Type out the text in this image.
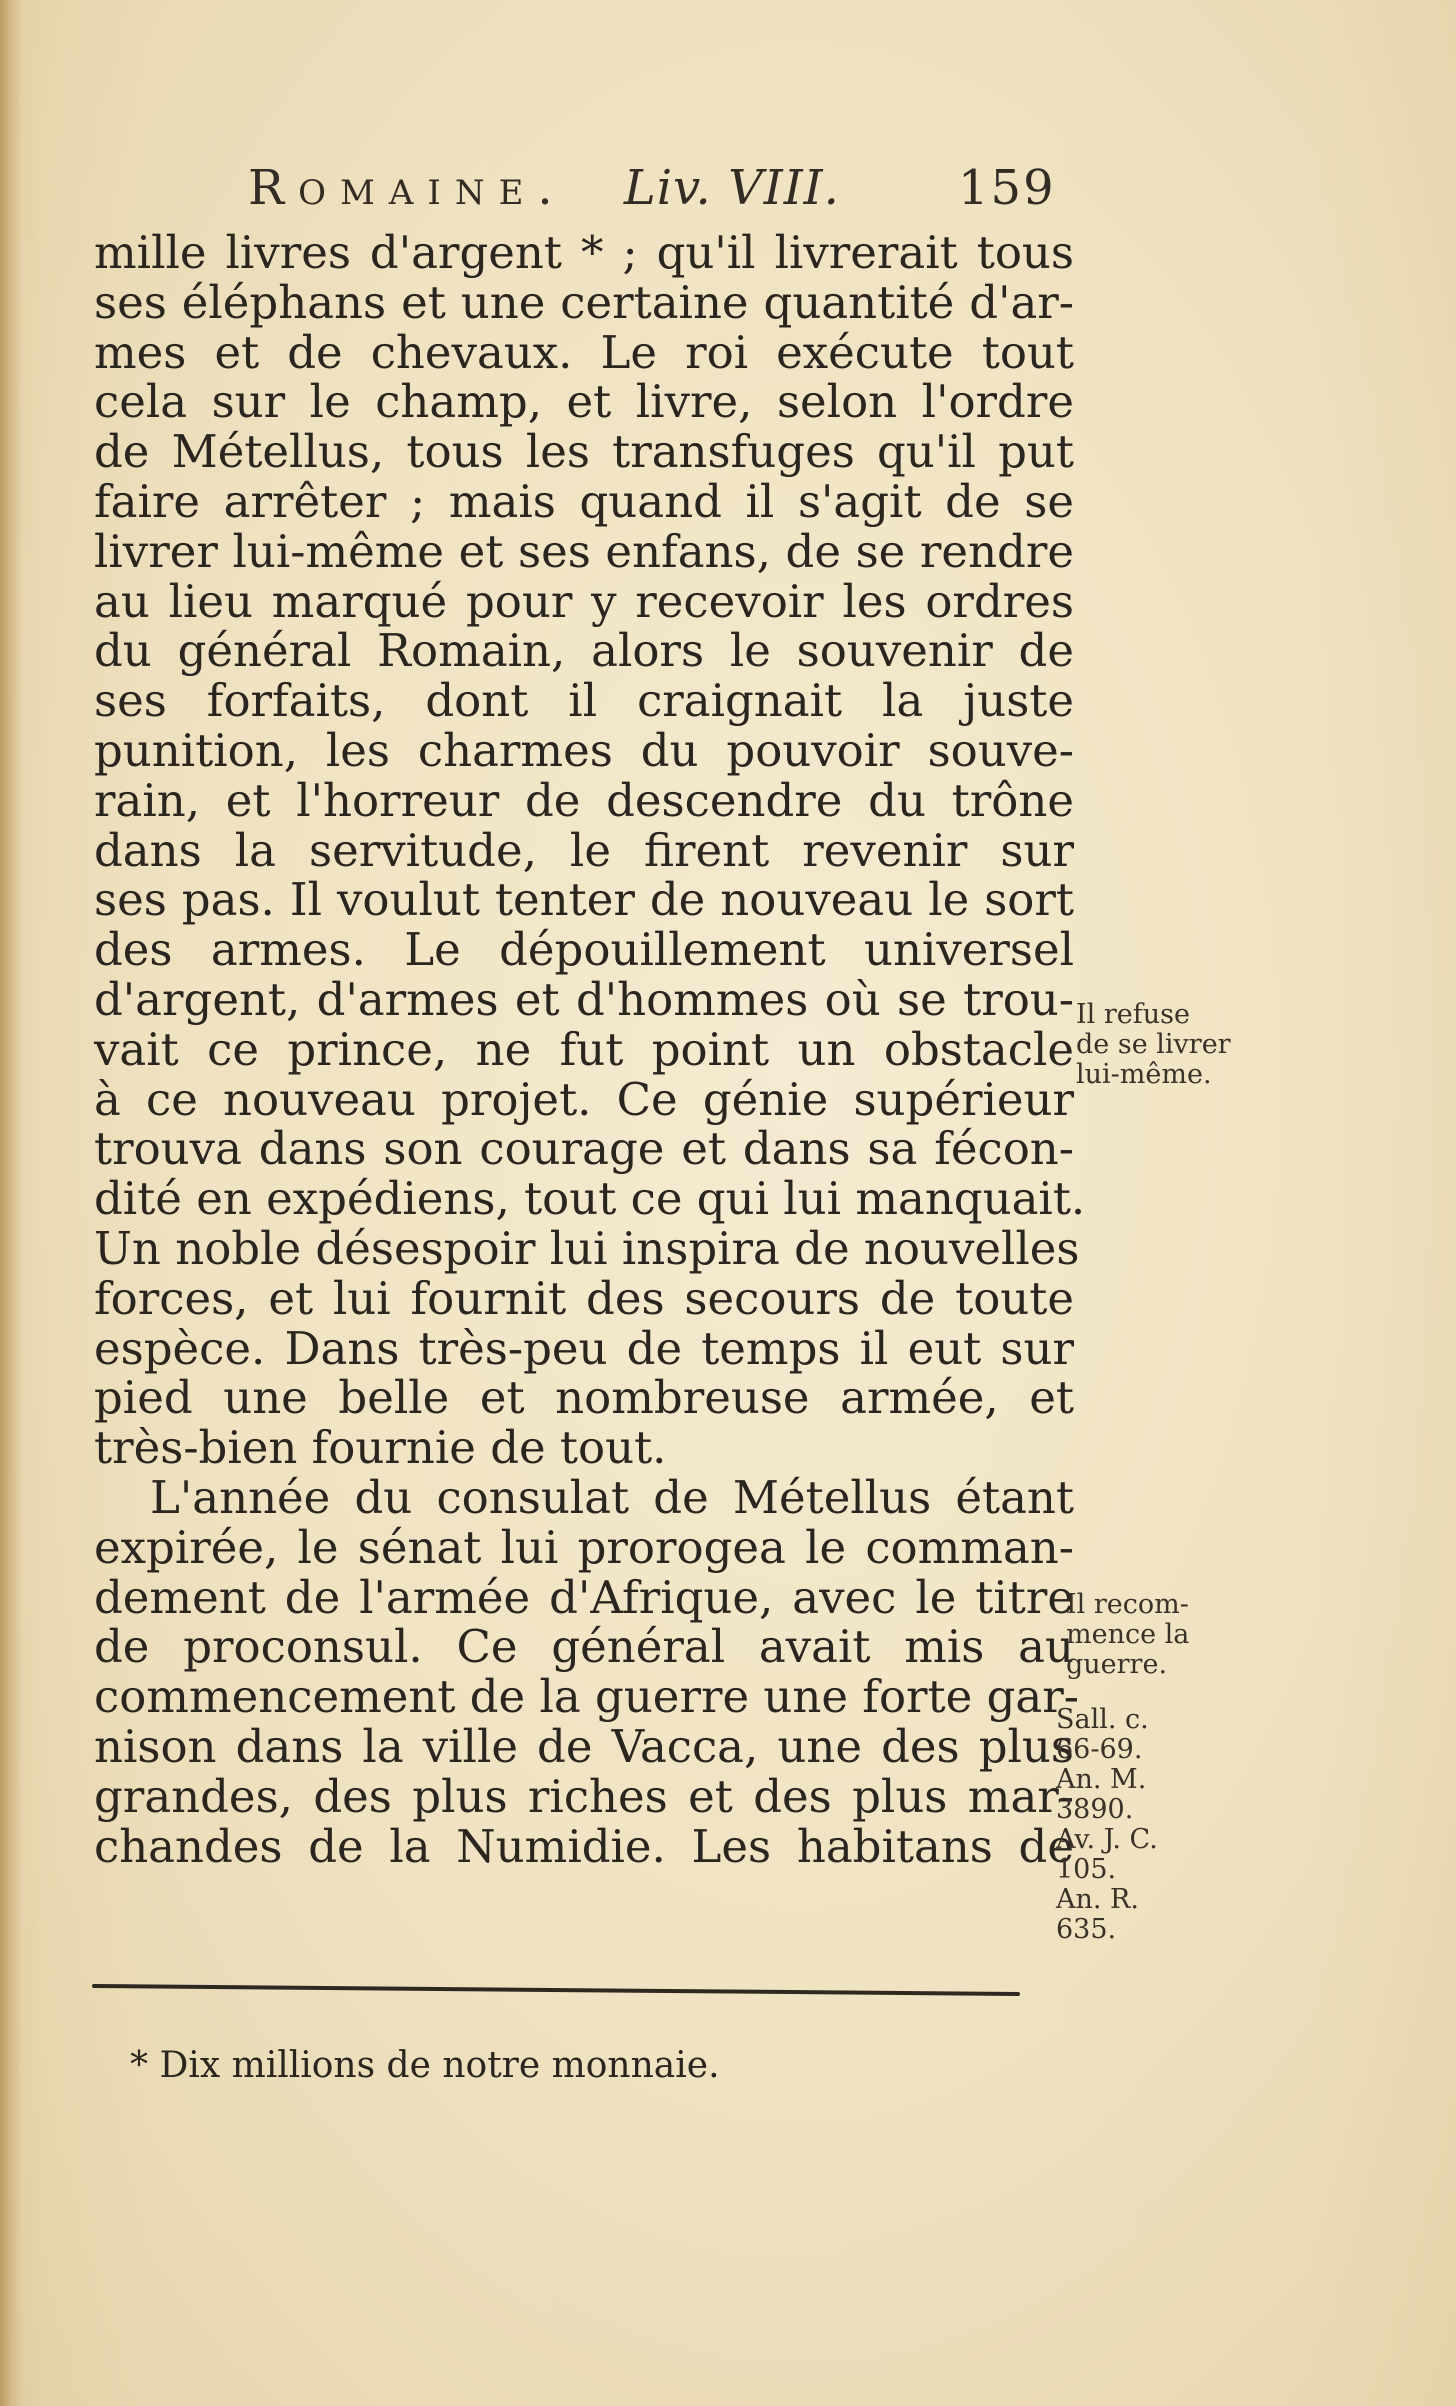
Romaine. Liv. VIII. 159
mille livres d'argent * ; qu'il livrerait tous
ses éléphans et une certaine quantité d'ar-
mes et de chevaux. Le roi exécute tout
cela sur le champ, et livre, selon l'ordre
de Métellus, tous les transfuges qu'il put
faire arrêter ; mais quand il s'agit de se
livrer lui-même et ses enfans, de se rendre
au lieu marqué pour y recevoir les ordres
du général Romain, alors le souvenir de
ses forfaits, dont il craignait la juste
punition, les charmes du pouvoir souve-
rain, et l'horreur de descendre du trône
dans la servitude, le firent revenir sur
ses pas. Il voulut tenter de nouveau le sort
des armes. Le dépouillement universel
d'argent, d'armes et d'hommes où se trou-
vait ce prince, ne fut point un obstacle
à ce nouveau projet. Ce génie supérieur
trouva dans son courage et dans sa fécon-
dité en expédiens, tout ce qui lui manquait.
Un noble désespoir lui inspira de nouvelles
forces, et lui fournit des secours de toute
espèce. Dans très-peu de temps il eut sur
pied une belle et nombreuse armée, et
très-bien fournie de tout.
L'année du consulat de Métellus étant
expirée, le sénat lui prorogea le comman-
dement de l'armée d'Afrique, avec le titre
de proconsul. Ce général avait mis au
commencement de la guerre une forte gar-
nison dans la ville de Vacca, une des plus
grandes, des plus riches et des plus mar-
chandes de la Numidie. Les habitans de
Il refuse
de se livrer
lui-même.
Il recom-
mence la
guerre.
Sall. c.
66-69.
An. M.
3890.
Av. J. C.
105.
An. R.
635.
* Dix millions de notre monnaie.
